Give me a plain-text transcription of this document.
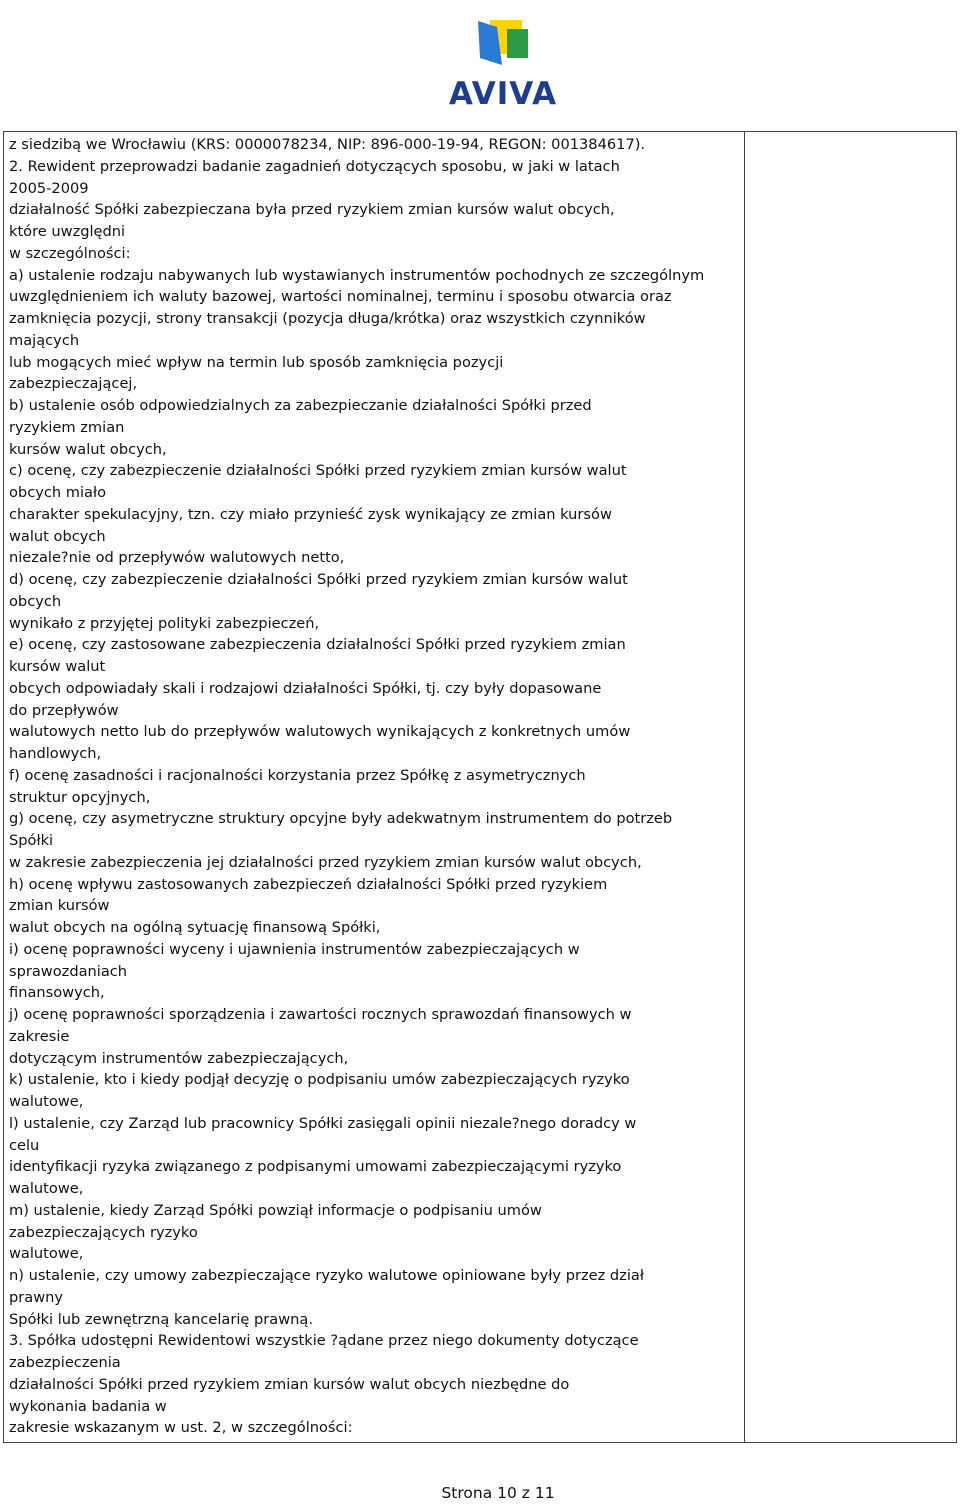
AVIVA
z siedzibą we Wrocławiu (KRS: 0000078234, NIP: 896-000-19-94, REGON: 001384617).
2. Rewident przeprowadzi badanie zagadnień dotyczących sposobu, w jaki w latach
2005-2009
działalność Spółki zabezpieczana była przed ryzykiem zmian kursów walut obcych,
które uwzględni
w szczególności:
a) ustalenie rodzaju nabywanych lub wystawianych instrumentów pochodnych ze szczególnym
uwzględnieniem ich waluty bazowej, wartości nominalnej, terminu i sposobu otwarcia oraz
zamknięcia pozycji, strony transakcji (pozycja długa/krótka) oraz wszystkich czynników
mających
lub mogących mieć wpływ na termin lub sposób zamknięcia pozycji
zabezpieczającej,
b) ustalenie osób odpowiedzialnych za zabezpieczanie działalności Spółki przed
ryzykiem zmian
kursów walut obcych,
c) ocenę, czy zabezpieczenie działalności Spółki przed ryzykiem zmian kursów walut
obcych miało
charakter spekulacyjny, tzn. czy miało przynieść zysk wynikający ze zmian kursów
walut obcych
niezale?nie od przepływów walutowych netto,
d) ocenę, czy zabezpieczenie działalności Spółki przed ryzykiem zmian kursów walut
obcych
wynikało z przyjętej polityki zabezpieczeń,
e) ocenę, czy zastosowane zabezpieczenia działalności Spółki przed ryzykiem zmian
kursów walut
obcych odpowiadały skali i rodzajowi działalności Spółki, tj. czy były dopasowane
do przepływów
walutowych netto lub do przepływów walutowych wynikających z konkretnych umów
handlowych,
f) ocenę zasadności i racjonalności korzystania przez Spółkę z asymetrycznych
struktur opcyjnych,
g) ocenę, czy asymetryczne struktury opcyjne były adekwatnym instrumentem do potrzeb
Spółki
w zakresie zabezpieczenia jej działalności przed ryzykiem zmian kursów walut obcych,
h) ocenę wpływu zastosowanych zabezpieczeń działalności Spółki przed ryzykiem
zmian kursów
walut obcych na ogólną sytuację finansową Spółki,
i) ocenę poprawności wyceny i ujawnienia instrumentów zabezpieczających w
sprawozdaniach
finansowych,
j) ocenę poprawności sporządzenia i zawartości rocznych sprawozdań finansowych w
zakresie
dotyczącym instrumentów zabezpieczających,
k) ustalenie, kto i kiedy podjął decyzję o podpisaniu umów zabezpieczających ryzyko
walutowe,
l) ustalenie, czy Zarząd lub pracownicy Spółki zasięgali opinii niezale?nego doradcy w
celu
identyfikacji ryzyka związanego z podpisanymi umowami zabezpieczającymi ryzyko
walutowe,
m) ustalenie, kiedy Zarząd Spółki powziął informacje o podpisaniu umów
zabezpieczających ryzyko
walutowe,
n) ustalenie, czy umowy zabezpieczające ryzyko walutowe opiniowane były przez dział
prawny
Spółki lub zewnętrzną kancelarię prawną.
3. Spółka udostępni Rewidentowi wszystkie ?ądane przez niego dokumenty dotyczące
zabezpieczenia
działalności Spółki przed ryzykiem zmian kursów walut obcych niezbędne do
wykonania badania w
zakresie wskazanym w ust. 2, w szczególności:
Strona 10 z 11
